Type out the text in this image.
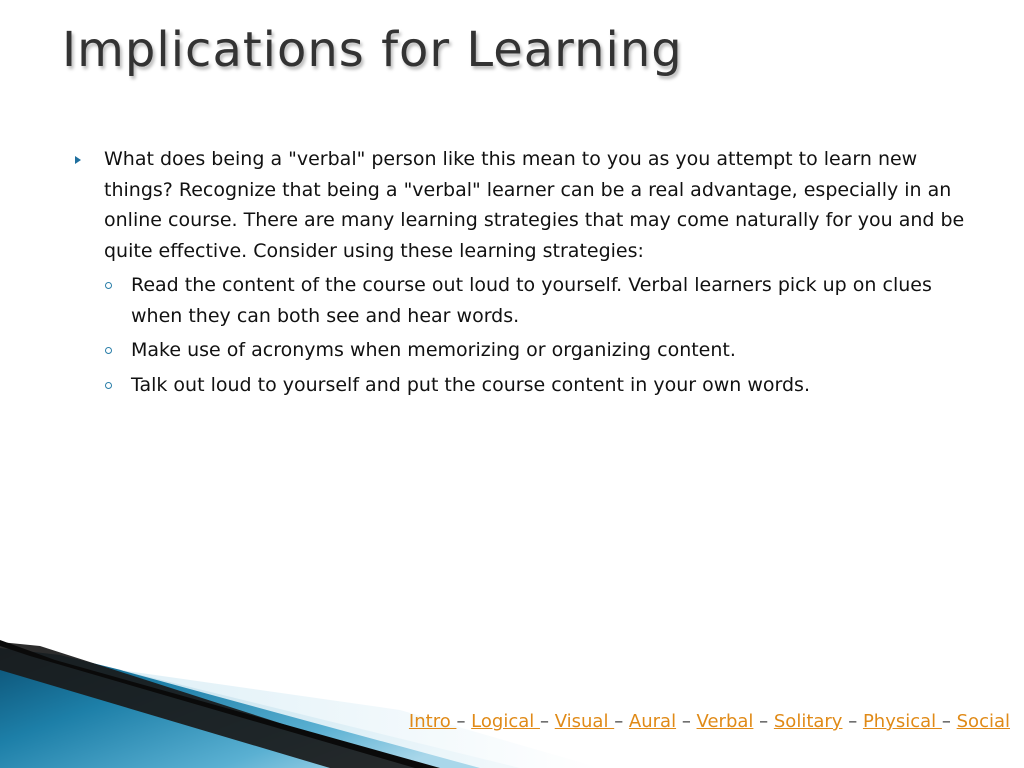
Implications for Learning
What does being a "verbal" person like this mean to you as you attempt to learn new things? Recognize that being a "verbal" learner can be a real advantage, especially in an online course. There are many learning strategies that may come naturally for you and be quite effective. Consider using these learning strategies:
Read the content of the course out loud to yourself. Verbal learners pick up on clues when they can both see and hear words.
Make use of acronyms when memorizing or organizing content.
Talk out loud to yourself and put the course content in your own words.
Intro – Logical – Visual – Aural – Verbal – Solitary – Physical – Social
